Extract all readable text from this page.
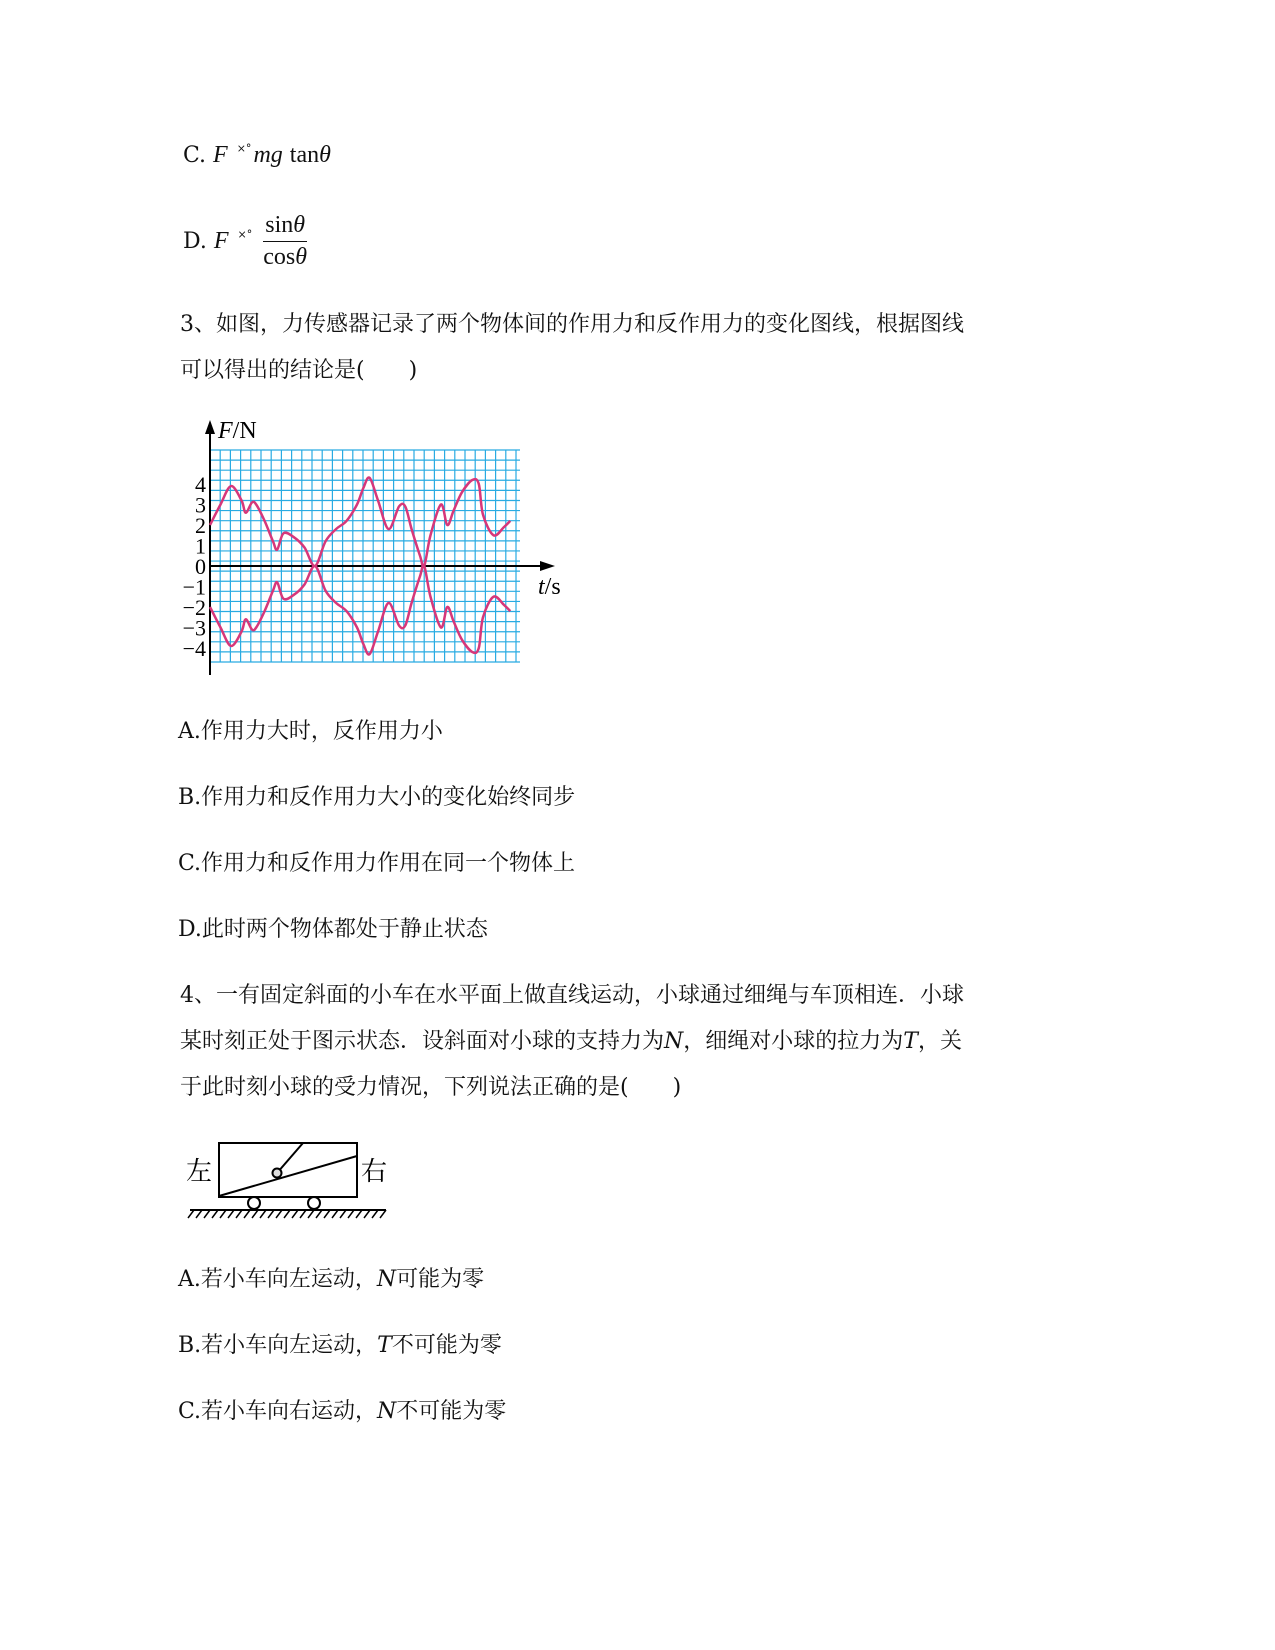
C. F ×°mg tanθ
D. F $^{\times^\circ} \frac{\sin\theta}{\cos\theta}$
3、如图，力传感器记录了两个物体间的作用力和反作用力的变化图线，根据图线
可以得出的结论是(　　)
4
3
2
1
0
−1
−2
−3
−4
F/N
t/s
A.作用力大时，反作用力小
B.作用力和反作用力大小的变化始终同步
C.作用力和反作用力作用在同一个物体上
D.此时两个物体都处于静止状态
4、一有固定斜面的小车在水平面上做直线运动，小球通过细绳与车顶相连．小球
某时刻正处于图示状态．设斜面对小球的支持力为N，细绳对小球的拉力为T，关
于此时刻小球的受力情况，下列说法正确的是(　　)
左	右
A.若小车向左运动，N可能为零
B.若小车向左运动，T不可能为零
C.若小车向右运动，N不可能为零
